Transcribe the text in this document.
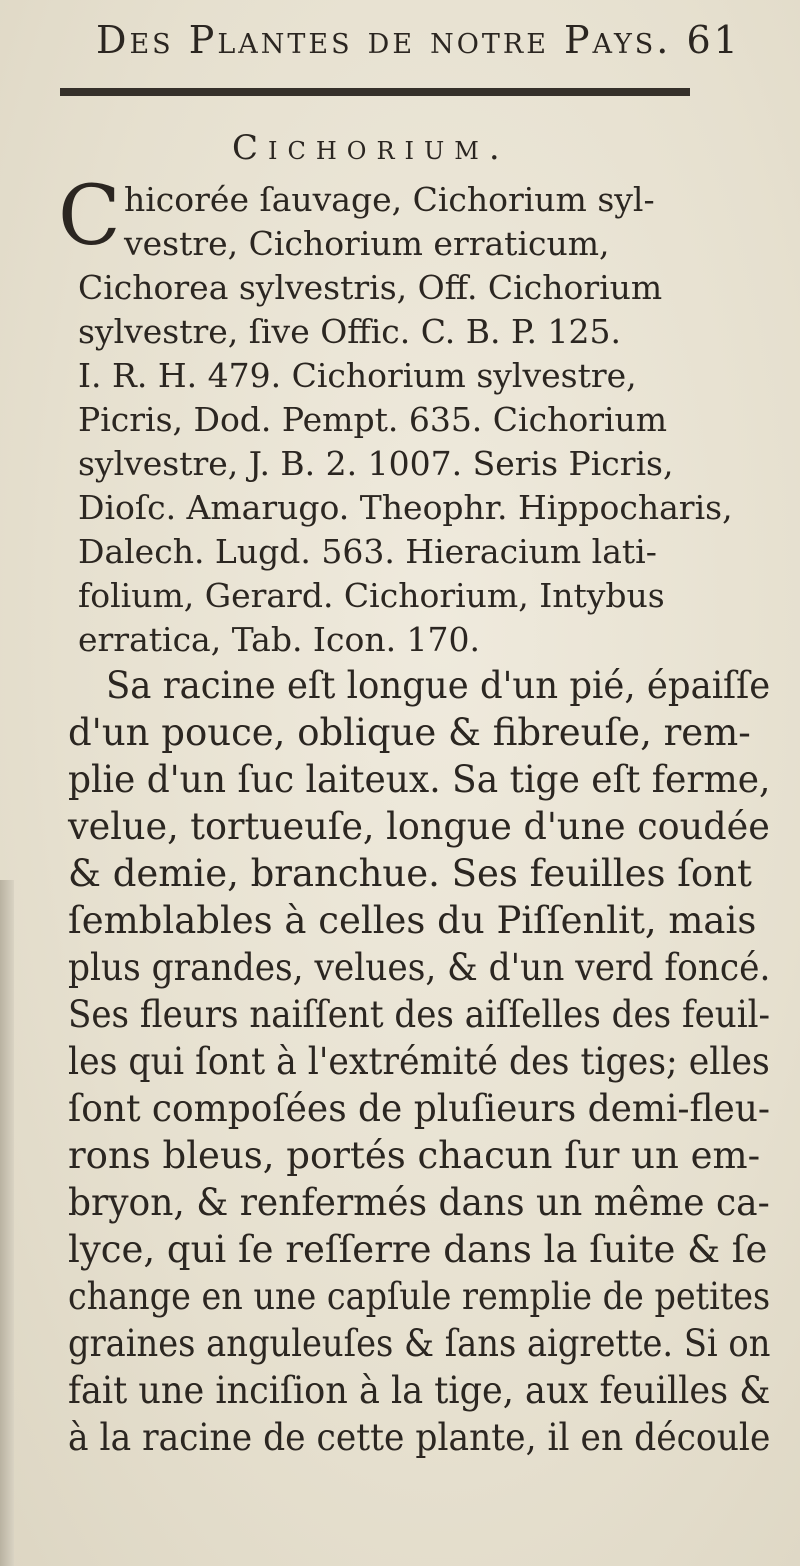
Des Plantes de notre Pays. 61
Cichorium.
C hicorée ſauvage, Cichorium syl-
vestre, Cichorium erraticum,
Cichorea sylvestris, Off. Cichorium
sylvestre, ſive Offic. C. B. P. 125.
I. R. H. 479. Cichorium sylvestre,
Picris, Dod. Pempt. 635. Cichorium
sylvestre, J. B. 2. 1007. Seris Picris,
Dioſc. Amarugo. Theophr. Hippocharis,
Dalech. Lugd. 563. Hieracium lati-
folium, Gerard. Cichorium, Intybus
erratica, Tab. Icon. 170.
Sa racine eſt longue d'un pié, épaiſſe
d'un pouce, oblique & fibreuſe, rem-
plie d'un ſuc laiteux. Sa tige eſt ferme,
velue, tortueuſe, longue d'une coudée
& demie, branchue. Ses feuilles ſont
ſemblables à celles du Piſſenlit, mais
plus grandes, velues, & d'un verd foncé.
Ses fleurs naiſſent des aiſſelles des feuil-
les qui ſont à l'extrémité des tiges; elles
ſont compoſées de pluſieurs demi-fleu-
rons bleus, portés chacun ſur un em-
bryon, & renfermés dans un même ca-
lyce, qui ſe reſſerre dans la ſuite & ſe
change en une capſule remplie de petites
graines anguleuſes & ſans aigrette. Si on
fait une inciſion à la tige, aux feuilles &
à la racine de cette plante, il en découle
